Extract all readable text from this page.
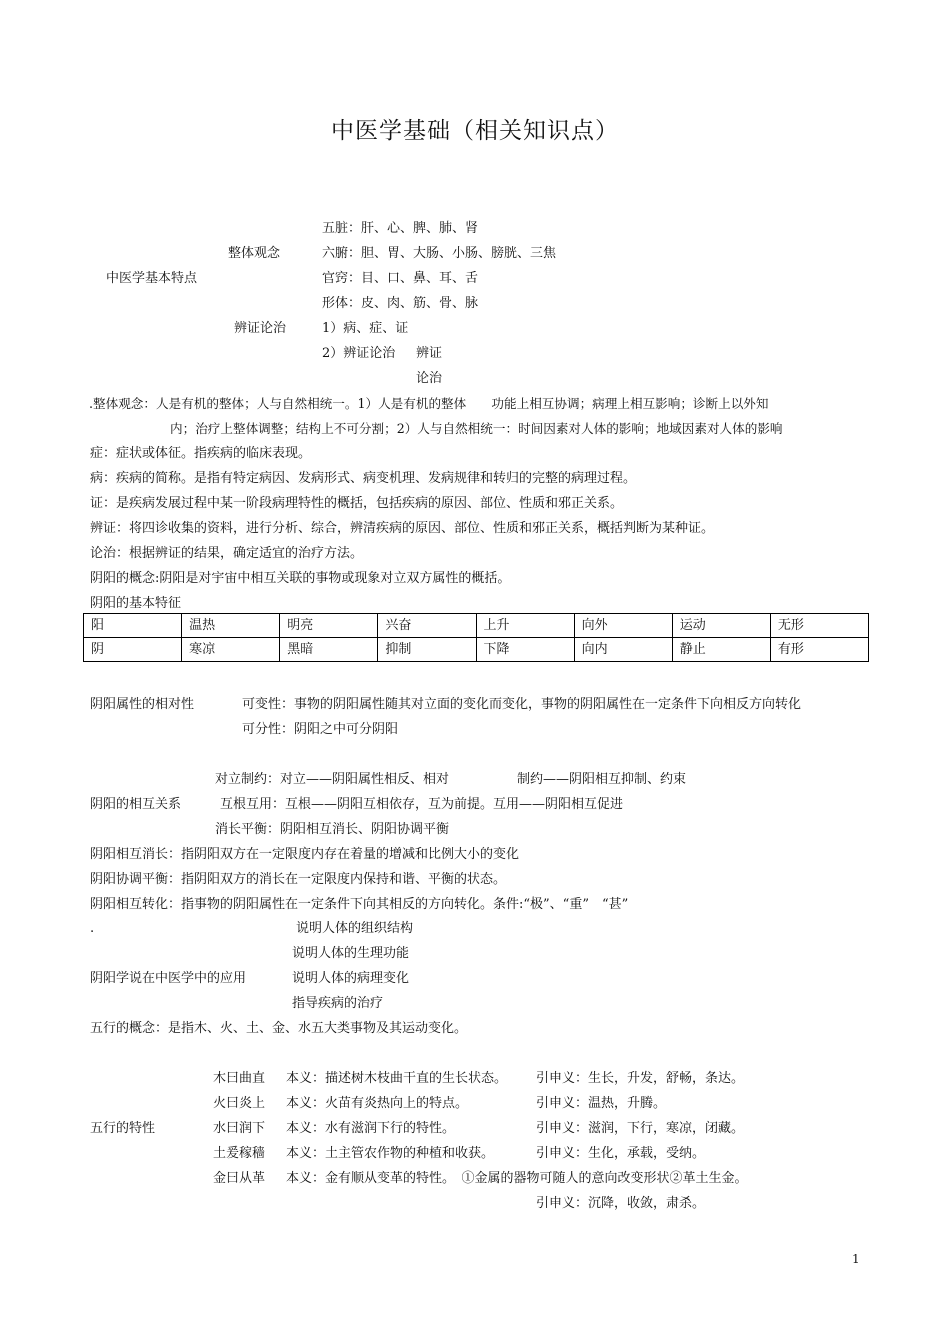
中医学基础（相关知识点）
五脏：肝、心、脾、肺、肾
整体观念	六腑：胆、胃、大肠、小肠、膀胱、三焦
中医学基本特点	官窍：目、口、鼻、耳、舌
形体：皮、肉、筋、骨、脉
辨证论治	1）病、症、证
2）辨证论治 辨证
论治
.整体观念：人是有机的整体；人与自然相统一。1）人是有机的整体　　功能上相互协调；病理上相互影响；诊断上以外知
内；治疗上整体调整；结构上不可分割；2）人与自然相统一：时间因素对人体的影响；地域因素对人体的影响
症：症状或体征。指疾病的临床表现。
病：疾病的简称。是指有特定病因、发病形式、病变机理、发病规律和转归的完整的病理过程。
证：是疾病发展过程中某一阶段病理特性的概括，包括疾病的原因、部位、性质和邪正关系。
辨证：将四诊收集的资料，进行分析、综合，辨清疾病的原因、部位、性质和邪正关系，概括判断为某种证。
论治：根据辨证的结果，确定适宜的治疗方法。
阴阳的概念:阴阳是对宇宙中相互关联的事物或现象对立双方属性的概括。
阴阳的基本特征
阳	温热	明亮	兴奋	上升	向外	运动	无形
阴	寒凉	黑暗	抑制	下降	向内	静止	有形
阴阳属性的相对性	可变性：事物的阴阳属性随其对立面的变化而变化，事物的阴阳属性在一定条件下向相反方向转化
可分性：阴阳之中可分阴阳
对立制约：对立——阴阳属性相反、相对	制约——阴阳相互抑制、约束
阴阳的相互关系	互根互用：互根——阴阳互相依存，互为前提。互用——阴阳相互促进
消长平衡：阴阳相互消长、阴阳协调平衡
阴阳相互消长：指阴阳双方在一定限度内存在着量的增减和比例大小的变化
阴阳协调平衡：指阴阳双方的消长在一定限度内保持和谐、平衡的状态。
阴阳相互转化：指事物的阴阳属性在一定条件下向其相反的方向转化。条件:“极”、“重”　“甚”
.	说明人体的组织结构
说明人体的生理功能
阴阳学说在中医学中的应用	说明人体的病理变化
指导疾病的治疗
五行的概念：是指木、火、土、金、水五大类事物及其运动变化。
木曰曲直 本义：描述树木枝曲干直的生长状态。 引申义：生长，升发，舒畅，条达。
火曰炎上 本义：火苗有炎热向上的特点。	引申义：温热，升腾。
五行的特性	水曰润下 本义：水有滋润下行的特性。	引申义：滋润，下行，寒凉，闭藏。
土爰稼穑 本义：土主管农作物的种植和收获。	引申义：生化，承载，受纳。
金曰从革 本义：金有顺从变革的特性。　①金属的器物可随人的意向改变形状②革土生金。
引申义：沉降，收敛，肃杀。
1
